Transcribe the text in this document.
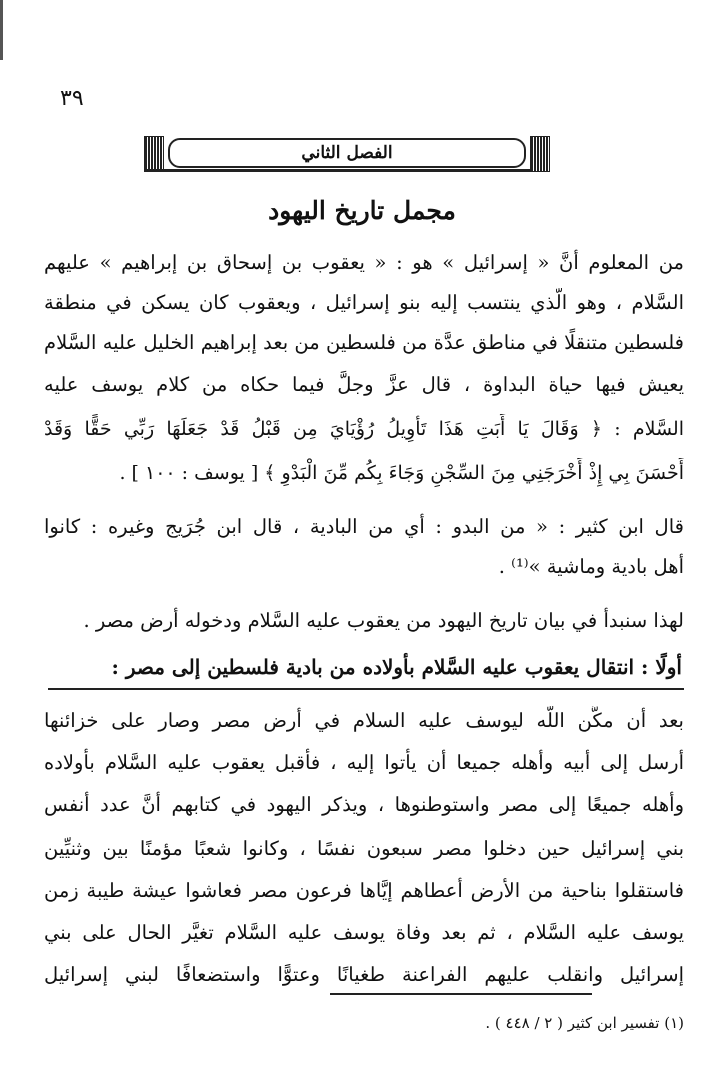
٣٩
الفصل الثاني
مجمل تاريخ اليهود
من المعلوم أنَّ « إسرائيل » هو : « يعقوب بن إسحاق بن إبراهيم » عليهم
السَّلام ، وهو الَّذي ينتسب إليه بنو إسرائيل ، ويعقوب كان يسكن في منطقة
فلسطين متنقلًا في مناطق عدَّة من فلسطين من بعد إبراهيم الخليل عليه السَّلام
يعيش فيها حياة البداوة ، قال عزَّ وجلَّ فيما حكاه من كلام يوسف عليه
السَّلام : ﴿ وَقَالَ يَا أَبَتِ هَذَا تَأْوِيلُ رُؤْيَايَ مِن قَبْلُ قَدْ جَعَلَهَا رَبِّي حَقًّا وَقَدْ
أَحْسَنَ بِي إِذْ أَخْرَجَنِي مِنَ السِّجْنِ وَجَاءَ بِكُم مِّنَ الْبَدْوِ ﴾ [ يوسف : ١٠٠ ] .
قال ابن كثير : « من البدو : أي من البادية ، قال ابن جُرَيج وغيره : كانوا
أهل بادية وماشية »⁽¹⁾ .
لهذا سنبدأ في بيان تاريخ اليهود من يعقوب عليه السَّلام ودخوله أرض مصر .
أولًا : انتقال يعقوب عليه السَّلام بأولاده من بادية فلسطين إلى مصر :
بعد أن مكَّن اللَّه ليوسف عليه السلام في أرض مصر وصار على خزائنها
أرسل إلى أبيه وأهله جميعا أن يأتوا إليه ، فأقبل يعقوب عليه السَّلام بأولاده
وأهله جميعًا إلى مصر واستوطنوها ، ويذكر اليهود في كتابهم أنَّ عدد أنفس
بني إسرائيل حين دخلوا مصر سبعون نفسًا ، وكانوا شعبًا مؤمنًا بين وثنيِّين
فاستقلوا بناحية من الأرض أعطاهم إيَّاها فرعون مصر فعاشوا عيشة طيبة زمن
يوسف عليه السَّلام ، ثم بعد وفاة يوسف عليه السَّلام تغيَّر الحال على بني
إسرائيل وانقلب عليهم الفراعنة طغيانًا وعتوًّا واستضعافًا لبني إسرائيل
(١) تفسير ابن كثير ( ٢ / ٤٤٨ ) .
